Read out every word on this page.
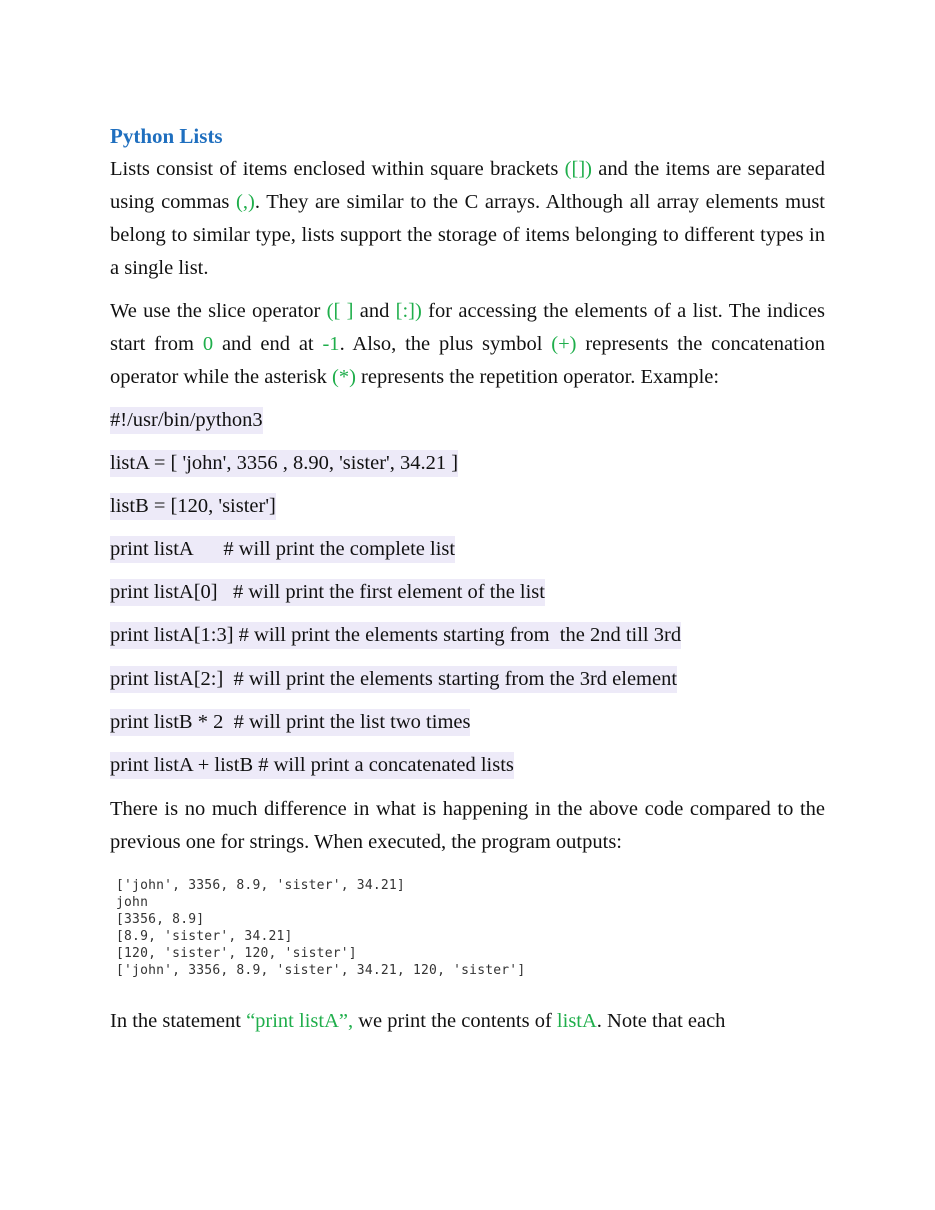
Python Lists

Lists consist of items enclosed within square brackets ([]) and the items are separated using commas (,). They are similar to the C arrays. Although all array elements must belong to similar type, lists support the storage of items belonging to different types in a single list.

We use the slice operator ([ ] and [:]) for accessing the elements of a list. The indices start from 0 and end at -1. Also, the plus symbol (+) represents the concatenation operator while the asterisk (*) represents the repetition operator. Example:

#!/usr/bin/python3
listA = [ 'john', 3356 , 8.90, 'sister', 34.21 ]
listB = [120, 'sister']
print listA      # will print the complete list
print listA[0]   # will print the first element of the list
print listA[1:3] # will print the elements starting from  the 2nd till 3rd
print listA[2:]  # will print the elements starting from the 3rd element
print listB * 2  # will print the list two times
print listA + listB # will print a concatenated lists

There is no much difference in what is happening in the above code compared to the previous one for strings. When executed, the program outputs:

['john', 3356, 8.9, 'sister', 34.21]
john
[3356, 8.9]
[8.9, 'sister', 34.21]
[120, 'sister', 120, 'sister']
['john', 3356, 8.9, 'sister', 34.21, 120, 'sister']

In the statement “print listA”, we print the contents of listA. Note that each
